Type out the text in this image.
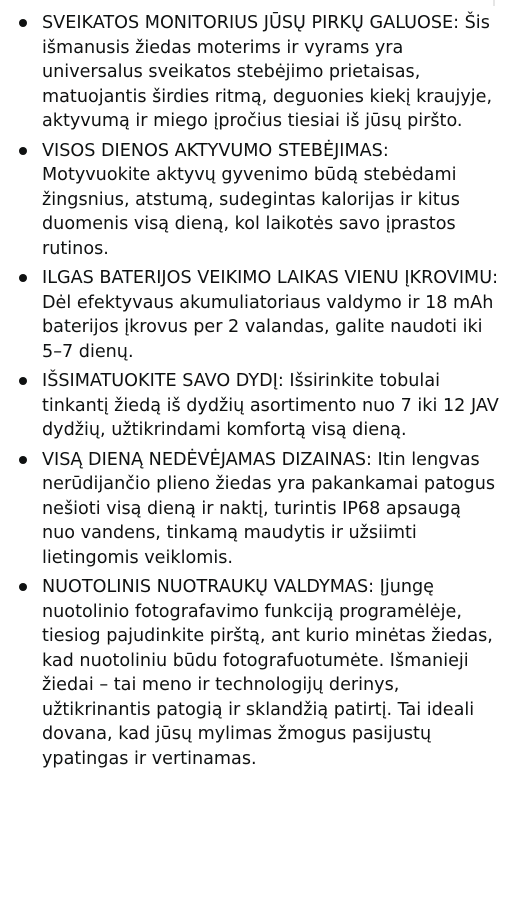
SVEIKATOS MONITORIUS JŪSŲ PIRKŲ GALUOSE: Šis išmanusis žiedas moterims ir vyrams yra universalus sveikatos stebėjimo prietaisas, matuojantis širdies ritmą, deguonies kiekį kraujyje, aktyvumą ir miego įpročius tiesiai iš jūsų piršto.
VISOS DIENOS AKTYVUMO STEBĖJIMAS: Motyvuokite aktyvų gyvenimo būdą stebėdami žingsnius, atstumą, sudegintas kalorijas ir kitus duomenis visą dieną, kol laikotės savo įprastos rutinos.
ILGAS BATERIJOS VEIKIMO LAIKAS VIENU ĮKROVIMU: Dėl efektyvaus akumuliatoriaus valdymo ir 18 mAh baterijos įkrovus per 2 valandas, galite naudoti iki 5–7 dienų.
IŠSIMATUOKITE SAVO DYDĮ: Išsirinkite tobulai tinkantį žiedą iš dydžių asortimento nuo 7 iki 12 JAV dydžių, užtikrindami komfortą visą dieną.
VISĄ DIENĄ NEDĖVĖJAMAS DIZAINAS: Itin lengvas nerūdijančio plieno žiedas yra pakankamai patogus nešioti visą dieną ir naktį, turintis IP68 apsaugą nuo vandens, tinkamą maudytis ir užsiimti lietingomis veiklomis.
NUOTOLINIS NUOTRAUKŲ VALDYMAS: Įjungę nuotolinio fotografavimo funkciją programėlėje, tiesiog pajudinkite pirštą, ant kurio minėtas žiedas, kad nuotoliniu būdu fotografuotumėte. Išmanieji žiedai – tai meno ir technologijų derinys, užtikrinantis patogią ir sklandžią patirtį. Tai ideali dovana, kad jūsų mylimas žmogus pasijustų ypatingas ir vertinamas.
